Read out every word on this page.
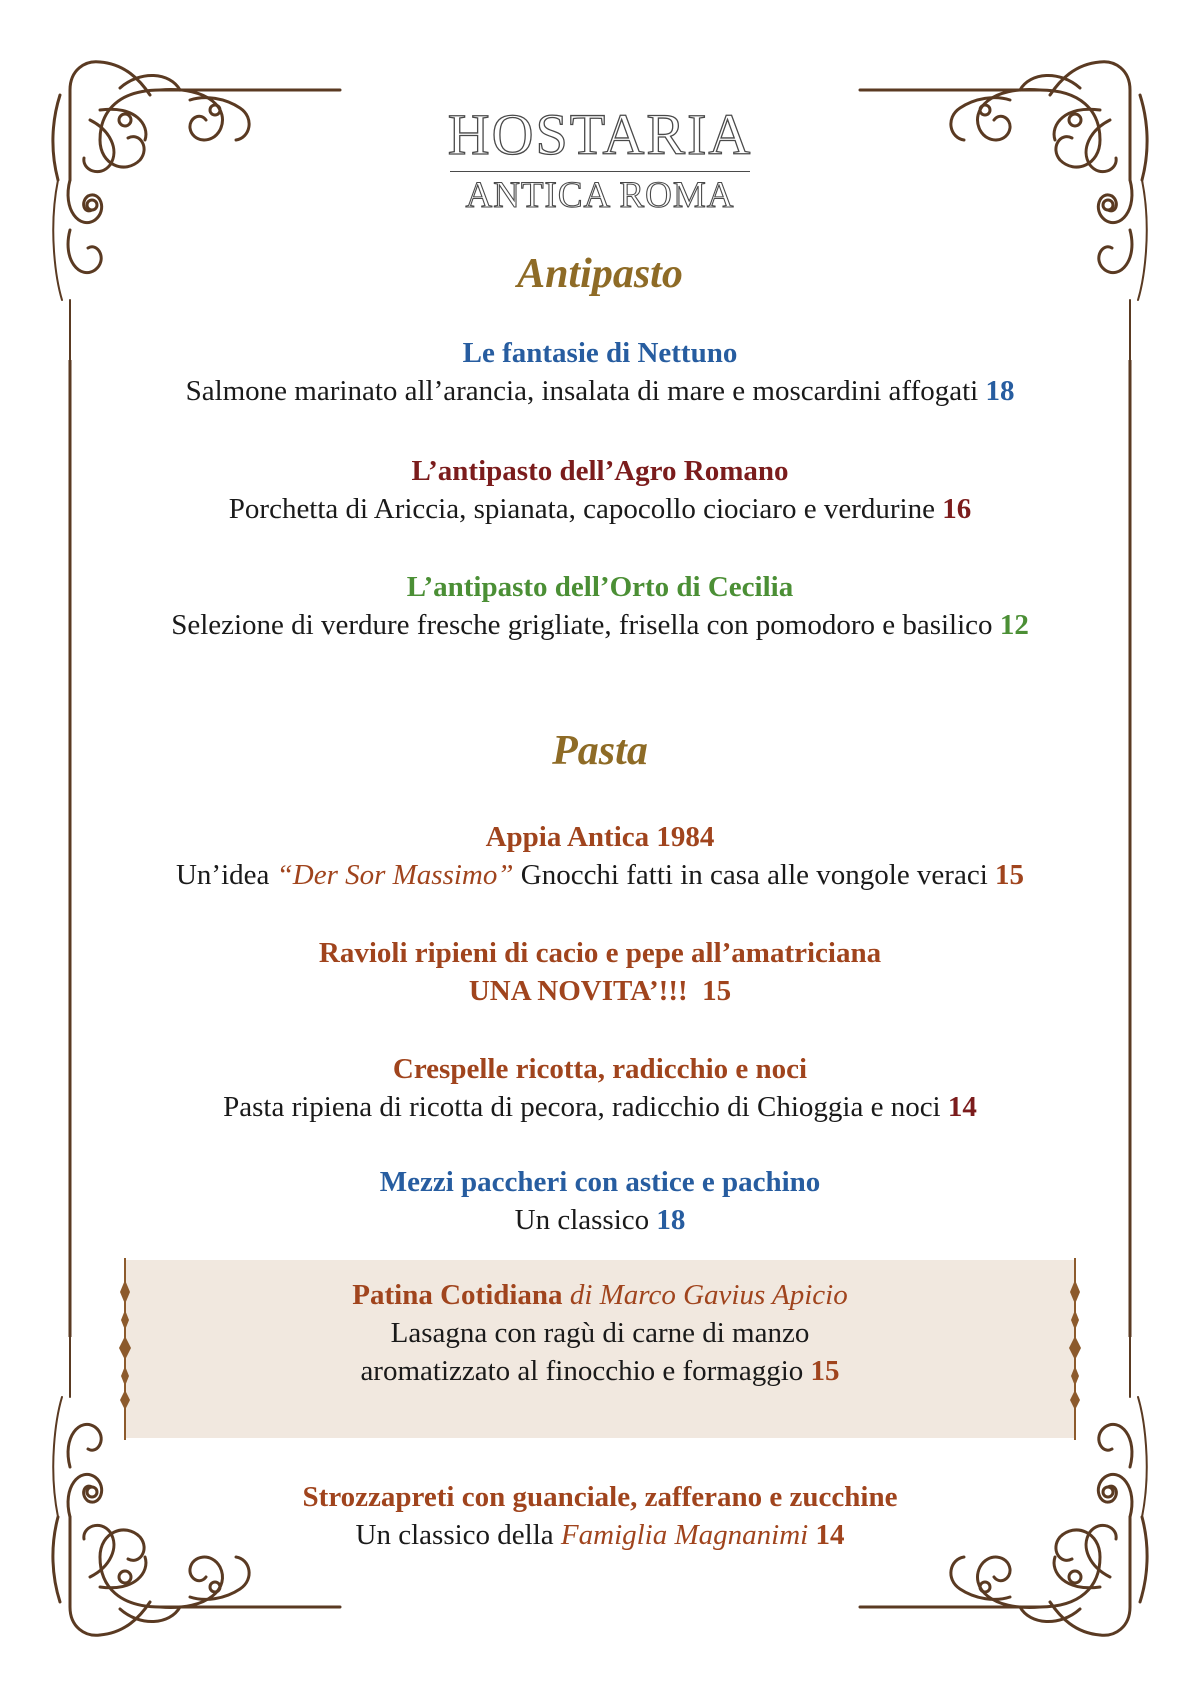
HOSTARIA
ANTICA ROMA
Antipasto
Le fantasie di Nettuno
Salmone marinato all’arancia, insalata di mare e moscardini affogati 18
L’antipasto dell’Agro Romano
Porchetta di Ariccia, spianata, capocollo ciociaro e verdurine 16
L’antipasto dell’Orto di Cecilia
Selezione di verdure fresche grigliate, frisella con pomodoro e basilico 12
Pasta
Appia Antica 1984
Un’idea “Der Sor Massimo” Gnocchi fatti in casa alle vongole veraci 15
Ravioli ripieni di cacio e pepe all’amatriciana
UNA NOVITA’!!! 15
Crespelle ricotta, radicchio e noci
Pasta ripiena di ricotta di pecora, radicchio di Chioggia e noci 14
Mezzi paccheri con astice e pachino
Un classico 18
Patina Cotidiana di Marco Gavius Apicio
Lasagna con ragù di carne di manzo
aromatizzato al finocchio e formaggio 15
Strozzapreti con guanciale, zafferano e zucchine
Un classico della Famiglia Magnanimi 14
